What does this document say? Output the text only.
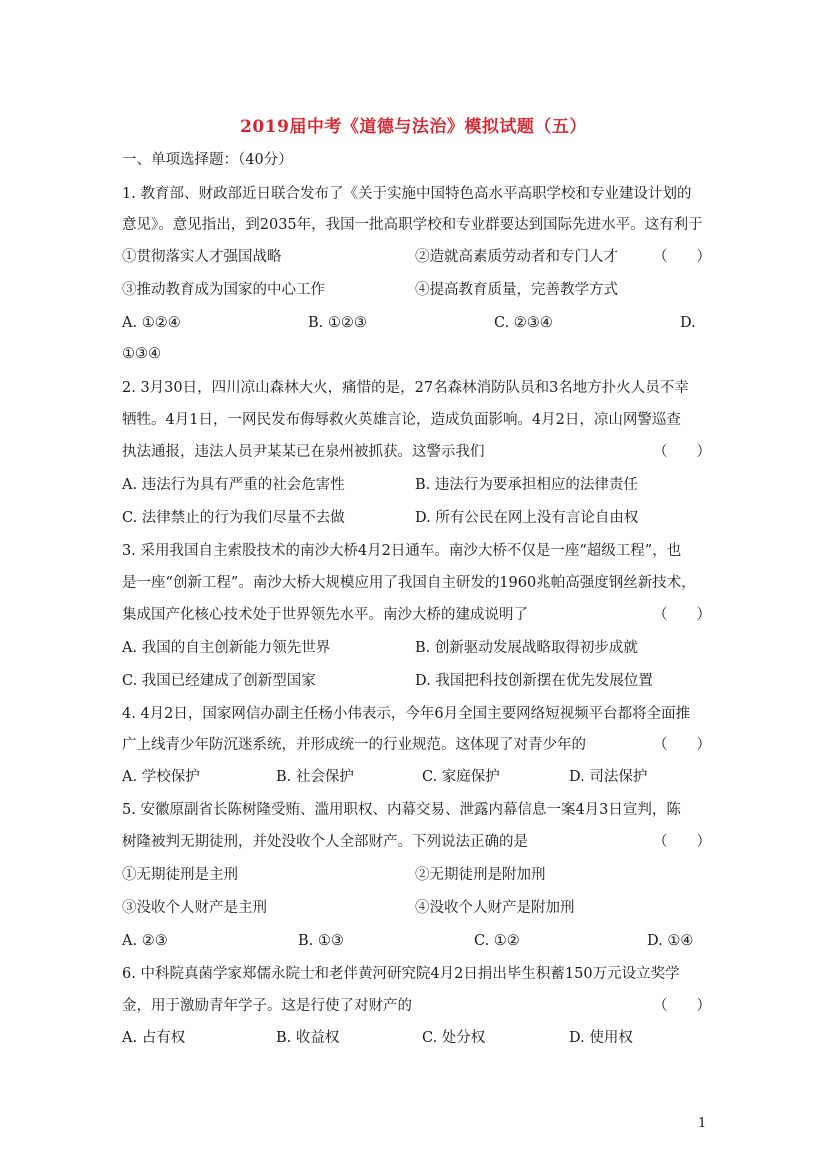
2019届中考《道德与法治》模拟试题（五）
一、单项选择题：（40分）
1. 教育部、财政部近日联合发布了《关于实施中国特色高水平高职学校和专业建设计划的
意见》。意见指出，到2035年，我国一批高职学校和专业群要达到国际先进水平。这有利于
①贯彻落实人才强国战略	②造就高素质劳动者和专门人才 （　　）
③推动教育成为国家的中心工作	④提高教育质量，完善教学方式
A. ①②④	B. ①②③	C. ②③④	D.
①③④
2. 3月30日，四川凉山森林大火，痛惜的是，27名森林消防队员和3名地方扑火人员不幸
牺牲。4月1日，一网民发布侮辱救火英雄言论，造成负面影响。4月2日，凉山网警巡查
执法通报，违法人员尹某某已在泉州被抓获。这警示我们	（　　）
A. 违法行为具有严重的社会危害性	B. 违法行为要承担相应的法律责任
C. 法律禁止的行为我们尽量不去做	D. 所有公民在网上没有言论自由权
3. 采用我国自主索股技术的南沙大桥4月2日通车。南沙大桥不仅是一座“超级工程”，也
是一座“创新工程”。南沙大桥大规模应用了我国自主研发的1960兆帕高强度钢丝新技术，
集成国产化核心技术处于世界领先水平。南沙大桥的建成说明了	（　　）
A. 我国的自主创新能力领先世界	B. 创新驱动发展战略取得初步成就
C. 我国已经建成了创新型国家	D. 我国把科技创新摆在优先发展位置
4. 4月2日，国家网信办副主任杨小伟表示，今年6月全国主要网络短视频平台都将全面推
广上线青少年防沉迷系统，并形成统一的行业规范。这体现了对青少年的	（　　）
A. 学校保护	B. 社会保护	C. 家庭保护	D. 司法保护
5. 安徽原副省长陈树隆受贿、滥用职权、内幕交易、泄露内幕信息一案4月3日宣判，陈
树隆被判无期徒刑，并处没收个人全部财产。下列说法正确的是	（　　）
①无期徒刑是主刑	②无期徒刑是附加刑
③没收个人财产是主刑	④没收个人财产是附加刑
A. ②③	B. ①③	C. ①②	D. ①④
6. 中科院真菌学家郑儒永院士和老伴黄河研究院4月2日捐出毕生积蓄150万元设立奖学
金，用于激励青年学子。这是行使了对财产的	（　　）
A. 占有权	B. 收益权	C. 处分权	D. 使用权
1
